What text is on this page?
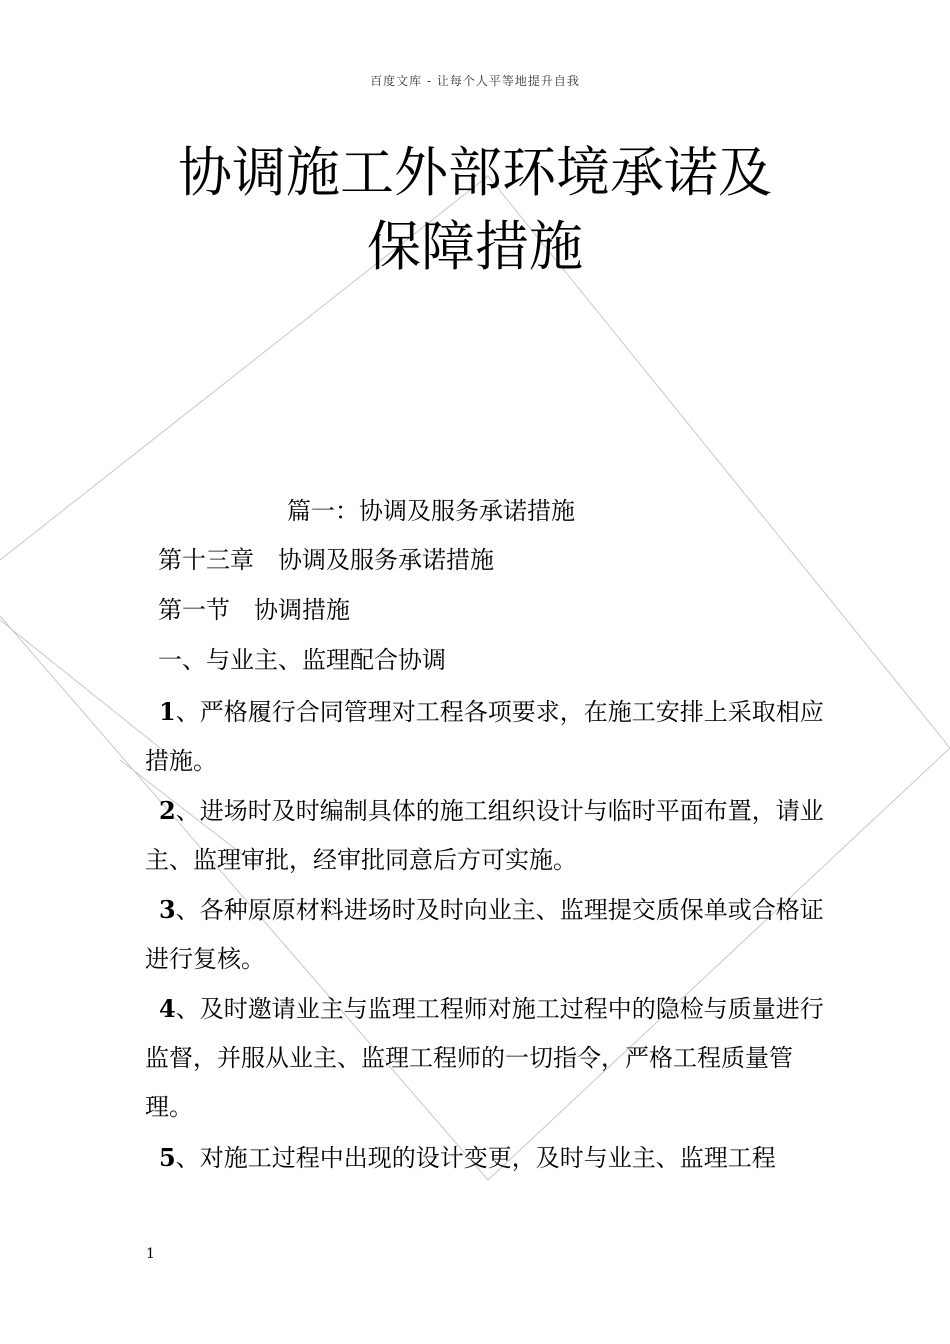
百度文库 - 让每个人平等地提升自我
协调施工外部环境承诺及
保障措施
篇一：协调及服务承诺措施
第十三章　协调及服务承诺措施
第一节　协调措施
一、与业主、监理配合协调

1、严格履行合同管理对工程各项要求，在施工安排上采取相应措施。

2、进场时及时编制具体的施工组织设计与临时平面布置，请业主、监理审批，经审批同意后方可实施。

3、各种原原材料进场时及时向业主、监理提交质保单或合格证进行复核。

4、及时邀请业主与监理工程师对施工过程中的隐检与质量进行监督，并服从业主、监理工程师的一切指令，严格工程质量管理。

5、对施工过程中出现的设计变更，及时与业主、监理工程

1
